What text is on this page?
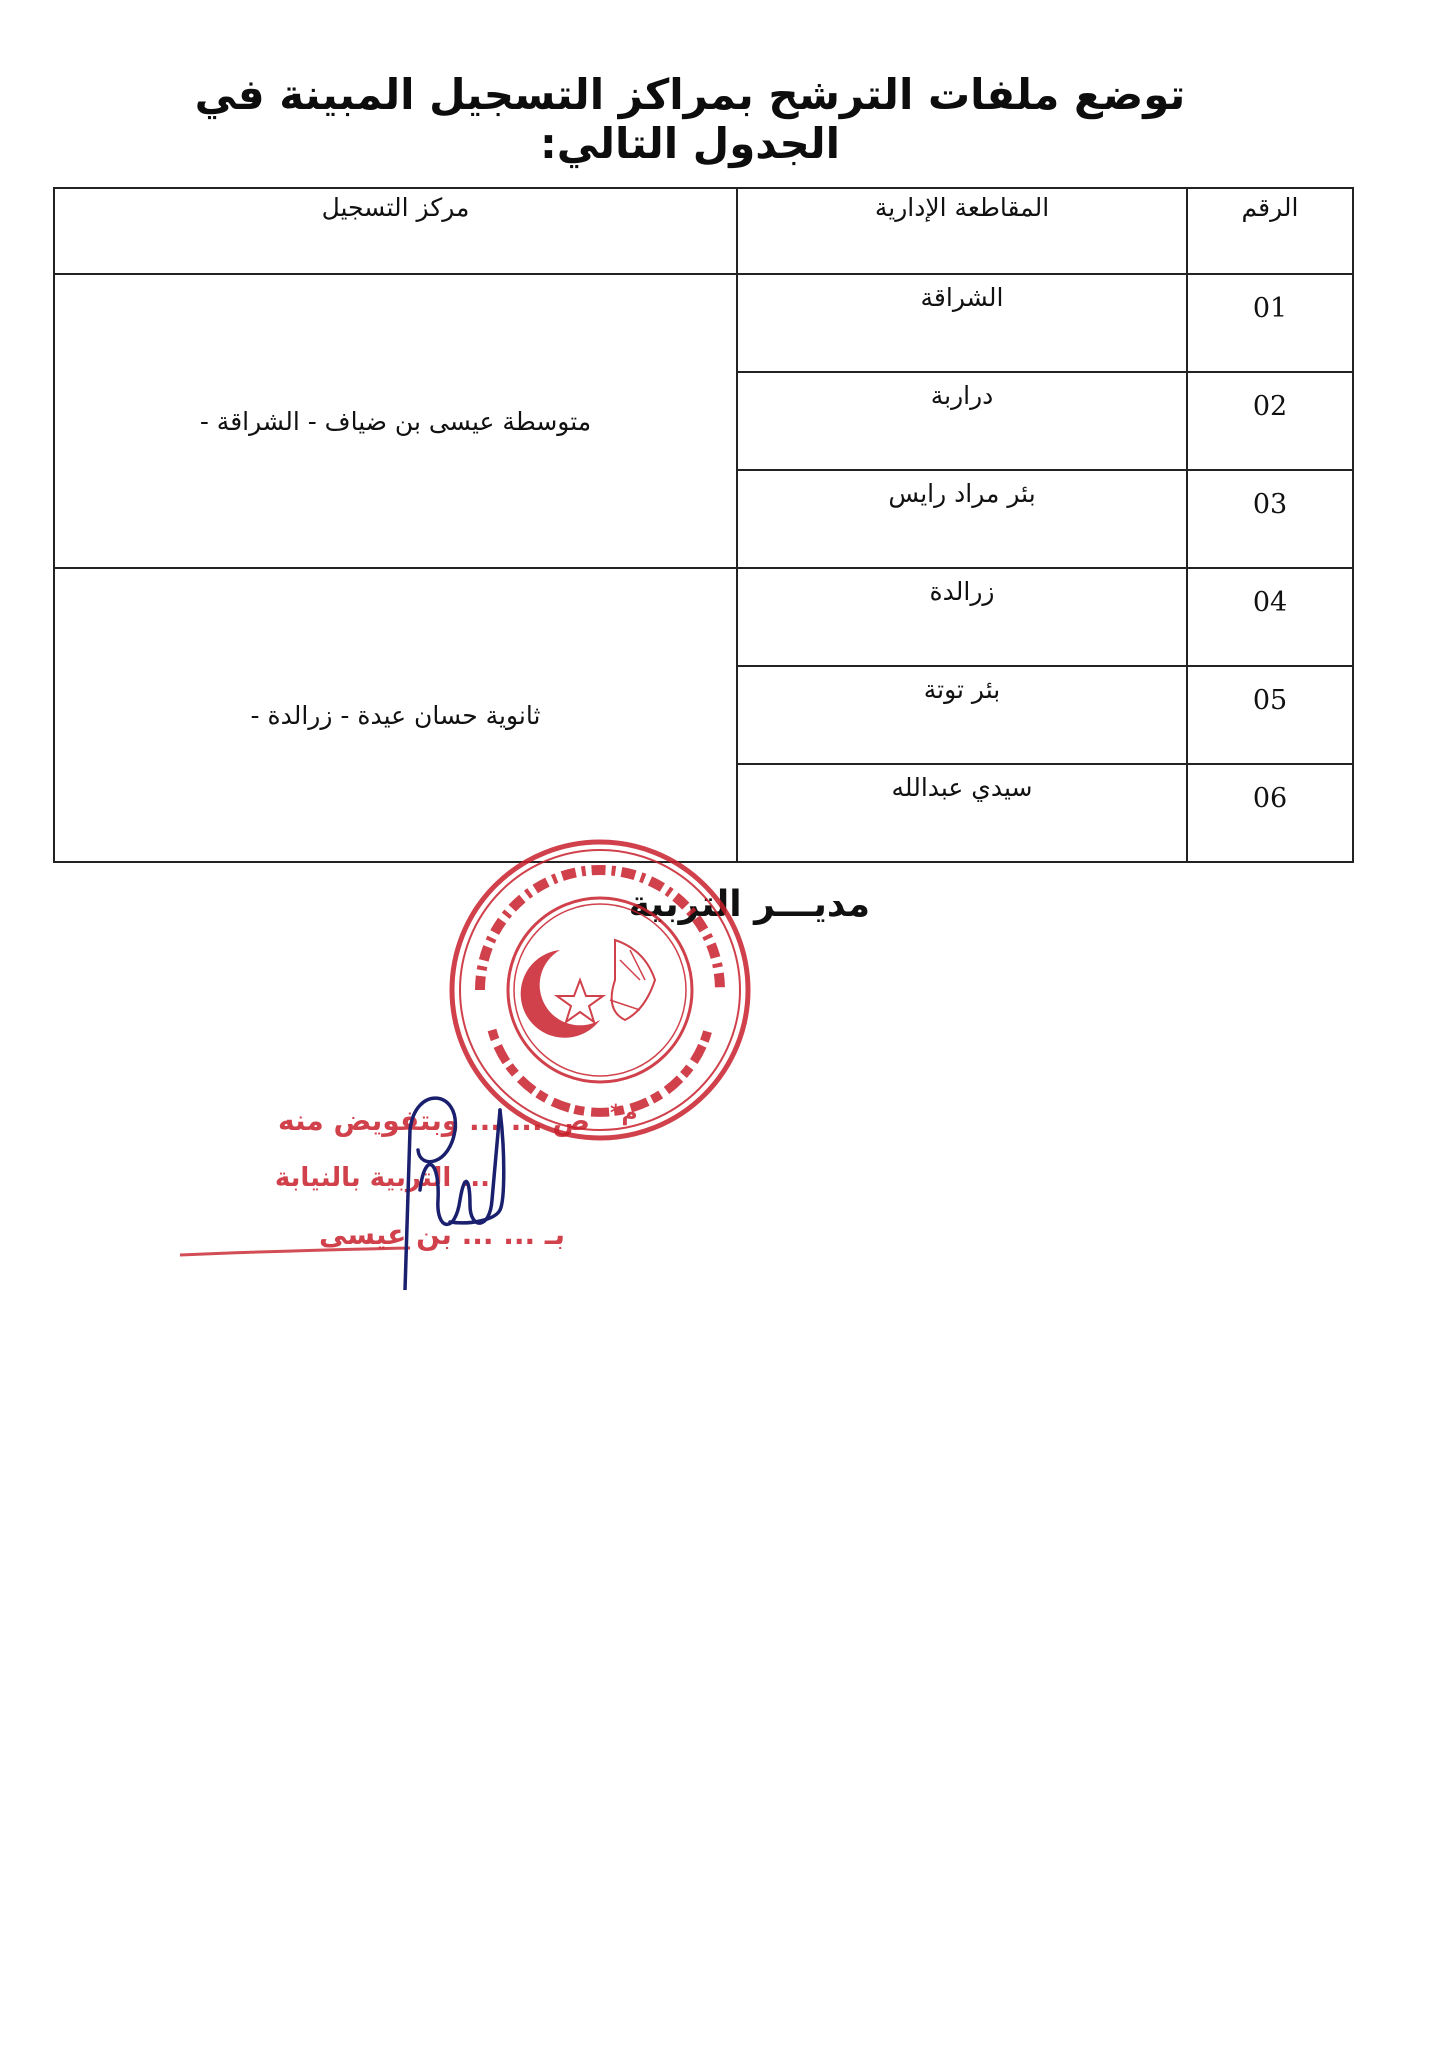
توضع ملفات الترشح بمراكز التسجيل المبينة في الجدول التالي:
الرقم	المقاطعة الإدارية	مركز التسجيل
01	الشراقة	متوسطة عيسى بن ضياف - الشراقة -
02	دراربة	
03	بئر مراد رايس	
04	زرالدة	ثانوية حسان عيدة - زرالدة -
05	بئر توتة	
06	سيدي عبدالله	
مديـــر التربية
*م
ص ... ... وبتفويض منه
... التربية بالنيابة
بـ ... ... بن عيسى
